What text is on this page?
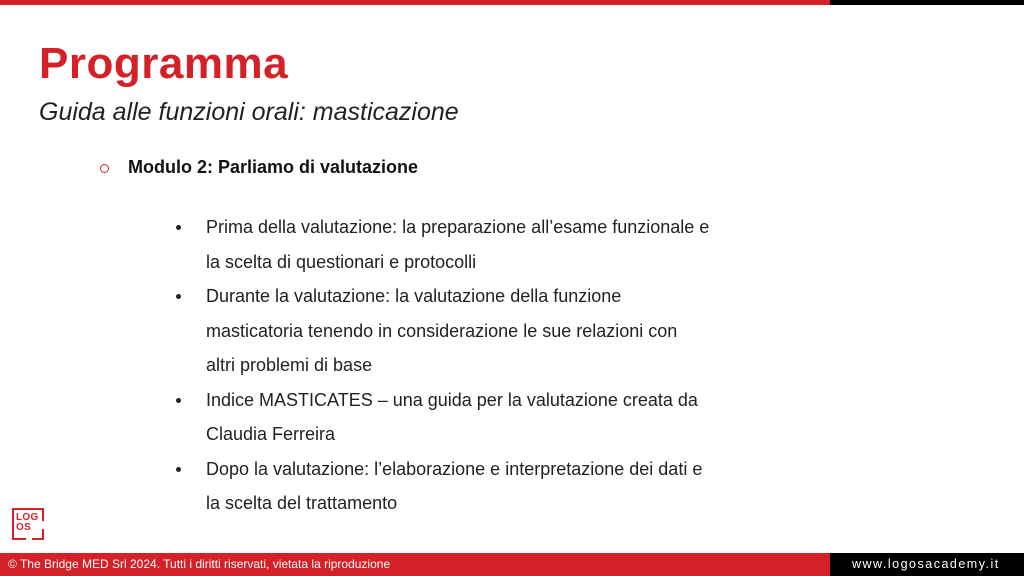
Programma

Guida alle funzioni orali: masticazione

Modulo 2: Parliamo di valutazione
Prima della valutazione: la preparazione all’esame funzionale e
la scelta di questionari e protocolli
Durante la valutazione: la valutazione della funzione
masticatoria tenendo in considerazione le sue relazioni con
altri problemi di base
Indice MASTICATES – una guida per la valutazione creata da
Claudia Ferreira
Dopo la valutazione: l’elaborazione e interpretazione dei dati e
la scelta del trattamento
LOG
OS
© The Bridge MED Srl 2024. Tutti i diritti riservati, vietata la riproduzione	www.logosacademy.it
